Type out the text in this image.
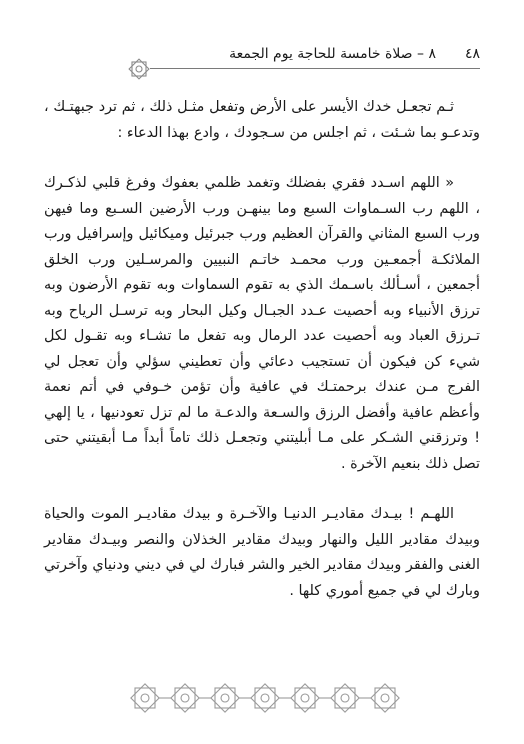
٤٨
٨ – صلاة خامسة للحاجة يوم الجمعة

ثـم تجعـل خدك الأيسر على الأرض وتفعل مثـل ذلك ، ثم ترد جبهتـك ، وتدعـو بما شـئت ، ثم اجلس من سـجودك ، وادع بهذا الدعاء :

« اللهم اسـدد فقري بفضلك وتغمد ظلمي بعفوك وفرغ قلبي لذكـرك ، اللهم رب السـماوات السبع وما بينهـن ورب الأرضين السـبع وما فيهن ورب السبع المثاني والقرآن العظيم ورب جبرئيل وميكائيل وإسرافيل ورب الملائكـة أجمعـين ورب محمـد خاتـم النبيين والمرسـلين ورب الخلق أجمعين ، أسـألك باسـمك الذي به تقوم السماوات وبه تقوم الأرضون وبه ترزق الأنبياء وبه أحصيت عـدد الجبـال وكيل البحار وبه ترسـل الرياح وبه تـرزق العباد وبه أحصيت عدد الرمال وبه تفعل ما تشـاء وبه تقـول لكل شيء كن فيكون أن تستجيب دعائي وأن تعطيني سؤلي وأن تعجل لي الفرج مـن عندك برحمتـك في عافية وأن تؤمن خـوفي في أتم نعمة وأعظم عافية وأفضل الرزق والسـعة والدعـة ما لم تزل تعودنيها ، يا إلهي ! وترزقني الشـكر على مـا أبليتني وتجعـل ذلك تاماً أبداً مـا أبقيتني حتى تصل ذلك بنعيم الآخرة .

اللهـم ! بيـدك مقاديـر الدنيـا والآخـرة و بيدك مقاديـر الموت والحياة وبيدك مقادير الليل والنهار وبيدك مقادير الخذلان والنصر وبيـدك مقادير الغنى والفقر وبيدك مقادير الخير والشر فبارك لي في ديني ودنياي وآخرتي وبارك لي في جميع أموري كلها .
